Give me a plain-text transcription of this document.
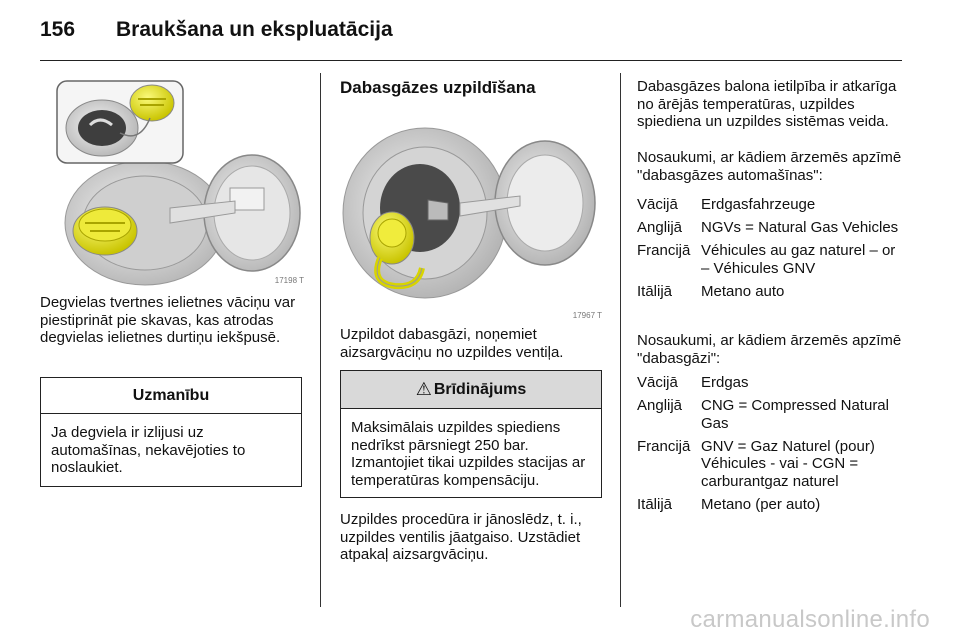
156	Braukšana un ekspluatācija
17198 T
Degvielas tvertnes ielietnes vāciņu var piestiprināt pie skavas, kas atrodas degvielas ielietnes durtiņu iekšpusē.
Uzmanību
Ja degviela ir izlijusi uz automašīnas, nekavējoties to noslaukiet.
Dabasgāzes uzpildīšana
17967 T
Uzpildot dabasgāzi, noņemiet aizsargvāciņu no uzpildes ventiļa.
⚠ Brīdinājums
Maksimālais uzpildes spiediens nedrīkst pārsniegt 250 bar. Izmantojiet tikai uzpildes stacijas ar temperatūras kompensāciju.
Uzpildes procedūra ir jānoslēdz, t. i., uzpildes ventilis jāatgaiso. Uzstādiet atpakaļ aizsargvāciņu.
Dabasgāzes balona ietilpība ir atkarīga no ārējās temperatūras, uzpildes spiediena un uzpildes sistēmas veida.
Nosaukumi, ar kādiem ārzemēs apzīmē "dabasgāzes automašīnas":
Vācijā	Erdgasfahrzeuge
Anglijā	NGVs = Natural Gas Vehicles
Francijā Véhicules au gaz naturel – or – Véhicules GNV
Itālijā	Metano auto
Nosaukumi, ar kādiem ārzemēs apzīmē "dabasgāzi":
Vācijā	Erdgas
Anglijā	CNG = Compressed Natural Gas
Francijā GNV = Gaz Naturel (pour) Véhicules - vai - CGN = carburantgaz naturel
Itālijā	Metano (per auto)
carmanualsonline.info
